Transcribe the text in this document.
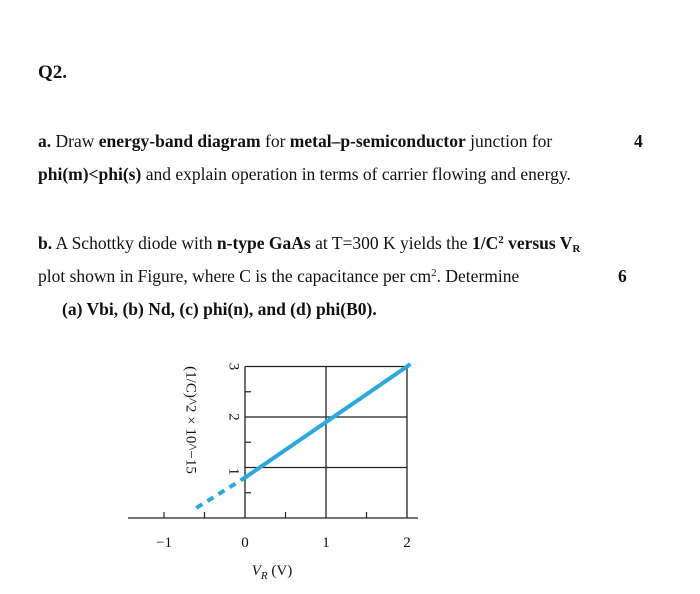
Q2.
a. Draw energy-band diagram for metal–p-semiconductor junction for	4
phi(m)<phi(s) and explain operation in terms of carrier flowing and energy.
b. A Schottky diode with n-type GaAs at T=300 K yields the $1/C^2$ versus $V_R$
plot shown in Figure, where C is the capacitance per $cm^2$. Determine	6
(a) Vbi, (b) Nd, (c) phi(n), and (d) phi(B0).
−1	0	1	2
1
2
3
$V_R$ (V)
(1/C)^2 × 10^−15
